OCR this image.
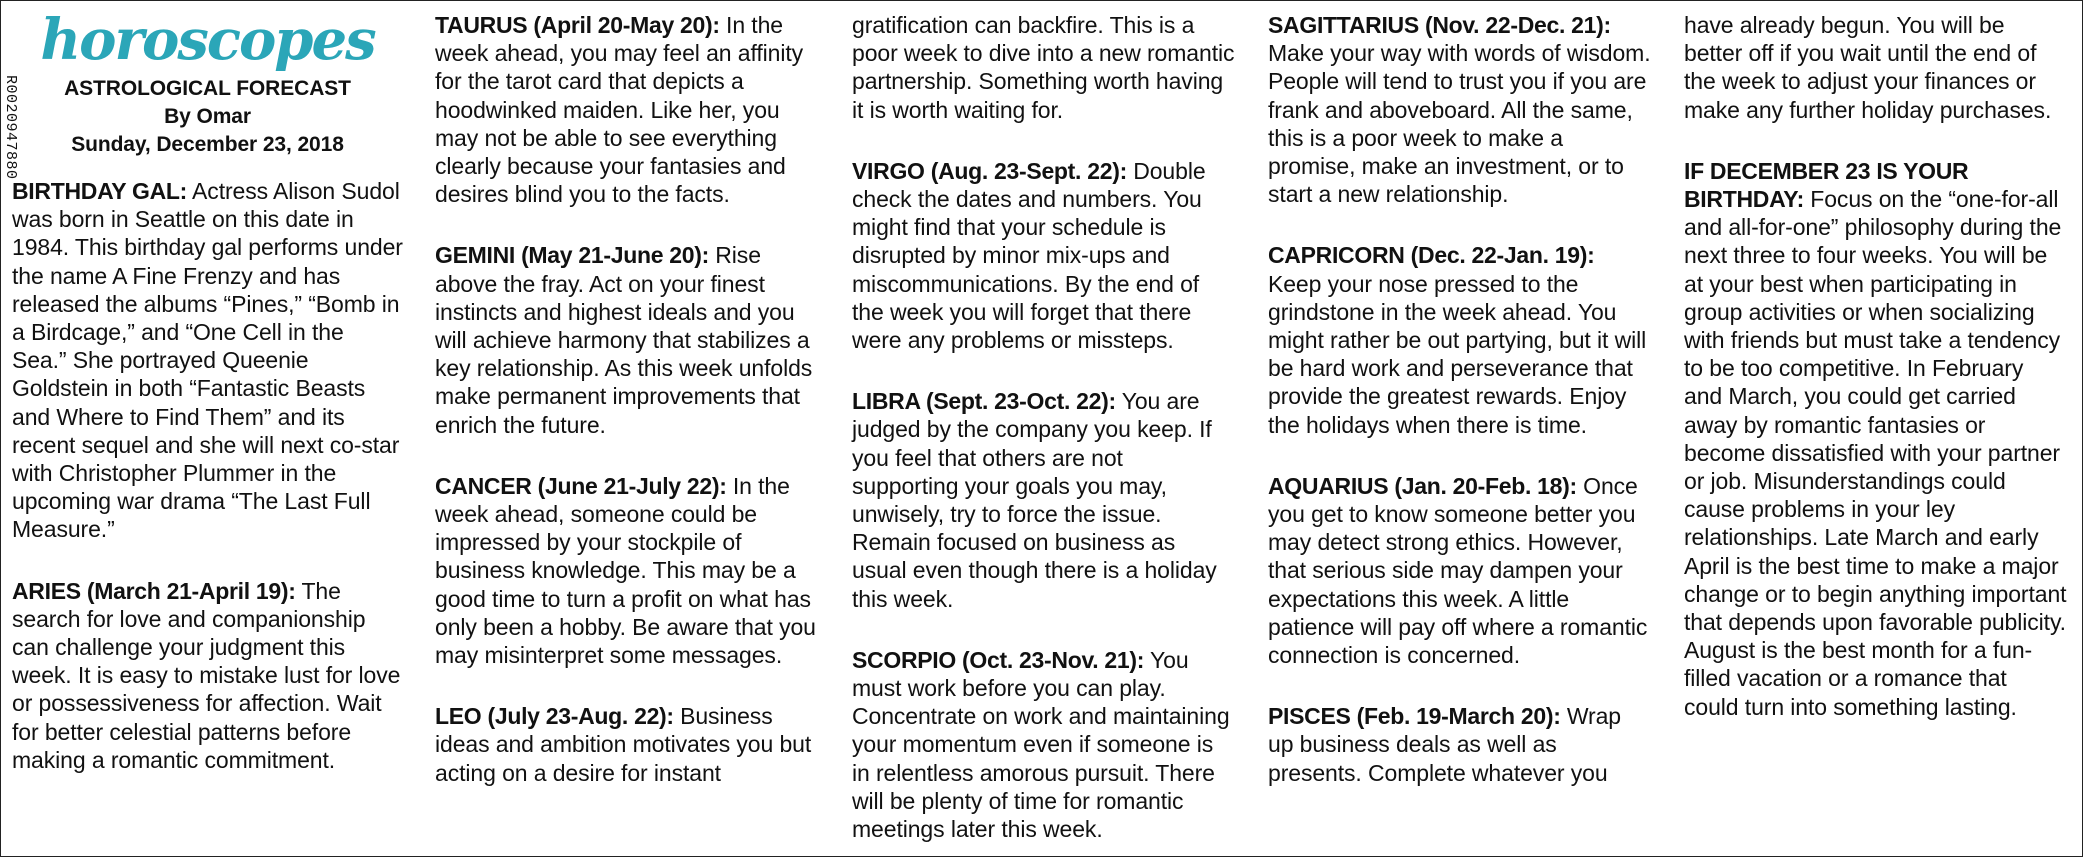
R0020947880
horoscopes
ASTROLOGICAL FORECAST
By Omar
Sunday, December 23, 2018

BIRTHDAY GAL: Actress Alison Sudol was born in Seattle on this date in 1984. This birthday gal performs under the name A Fine Frenzy and has released the albums “Pines,” “Bomb in a Birdcage,” and “One Cell in the Sea.” She portrayed Queenie Goldstein in both “Fantastic Beasts and Where to Find Them” and its recent sequel and she will next co-star with Christopher Plummer in the upcoming war drama “The Last Full Measure.”

ARIES (March 21-April 19): The search for love and companionship can challenge your judgment this week. It is easy to mistake lust for love or possessiveness for affection. Wait for better celestial patterns before making a romantic commitment.

TAURUS (April 20-May 20): In the week ahead, you may feel an affinity for the tarot card that depicts a hoodwinked maiden. Like her, you may not be able to see everything clearly because your fantasies and desires blind you to the facts.

GEMINI (May 21-June 20): Rise above the fray. Act on your finest instincts and highest ideals and you will achieve harmony that stabilizes a key relationship. As this week unfolds make permanent improvements that enrich the future.

CANCER (June 21-July 22): In the week ahead, someone could be impressed by your stockpile of business knowledge. This may be a good time to turn a profit on what has only been a hobby. Be aware that you may misinterpret some messages.

LEO (July 23-Aug. 22): Business ideas and ambition motivates you but acting on a desire for instant

gratification can backfire. This is a poor week to dive into a new romantic partnership. Something worth having it is worth waiting for.

VIRGO (Aug. 23-Sept. 22): Double check the dates and numbers. You might find that your schedule is disrupted by minor mix-ups and miscommunications. By the end of the week you will forget that there were any problems or missteps.

LIBRA (Sept. 23-Oct. 22): You are judged by the company you keep. If you feel that others are not supporting your goals you may, unwisely, try to force the issue. Remain focused on business as usual even though there is a holiday this week.

SCORPIO (Oct. 23-Nov. 21): You must work before you can play. Concentrate on work and maintaining your momentum even if someone is in relentless amorous pursuit. There will be plenty of time for romantic meetings later this week.

SAGITTARIUS (Nov. 22-Dec. 21): Make your way with words of wisdom. People will tend to trust you if you are frank and aboveboard. All the same, this is a poor week to make a promise, make an investment, or to start a new relationship.

CAPRICORN (Dec. 22-Jan. 19): Keep your nose pressed to the grindstone in the week ahead. You might rather be out partying, but it will be hard work and perseverance that provide the greatest rewards. Enjoy the holidays when there is time.

AQUARIUS (Jan. 20-Feb. 18): Once you get to know someone better you may detect strong ethics. However, that serious side may dampen your expectations this week. A little patience will pay off where a romantic connection is concerned.

PISCES (Feb. 19-March 20): Wrap up business deals as well as presents. Complete whatever you

have already begun. You will be better off if you wait until the end of the week to adjust your finances or make any further holiday purchases.

IF DECEMBER 23 IS YOUR BIRTHDAY: Focus on the “one-for-all and all-for-one” philosophy during the next three to four weeks. You will be at your best when participating in group activities or when socializing with friends but must take a tendency to be too competitive. In February and March, you could get carried away by romantic fantasies or become dissatisfied with your partner or job. Misunderstandings could cause problems in your ley relationships. Late March and early April is the best time to make a major change or to begin anything important that depends upon favorable publicity. August is the best month for a fun-filled vacation or a romance that could turn into something lasting.
